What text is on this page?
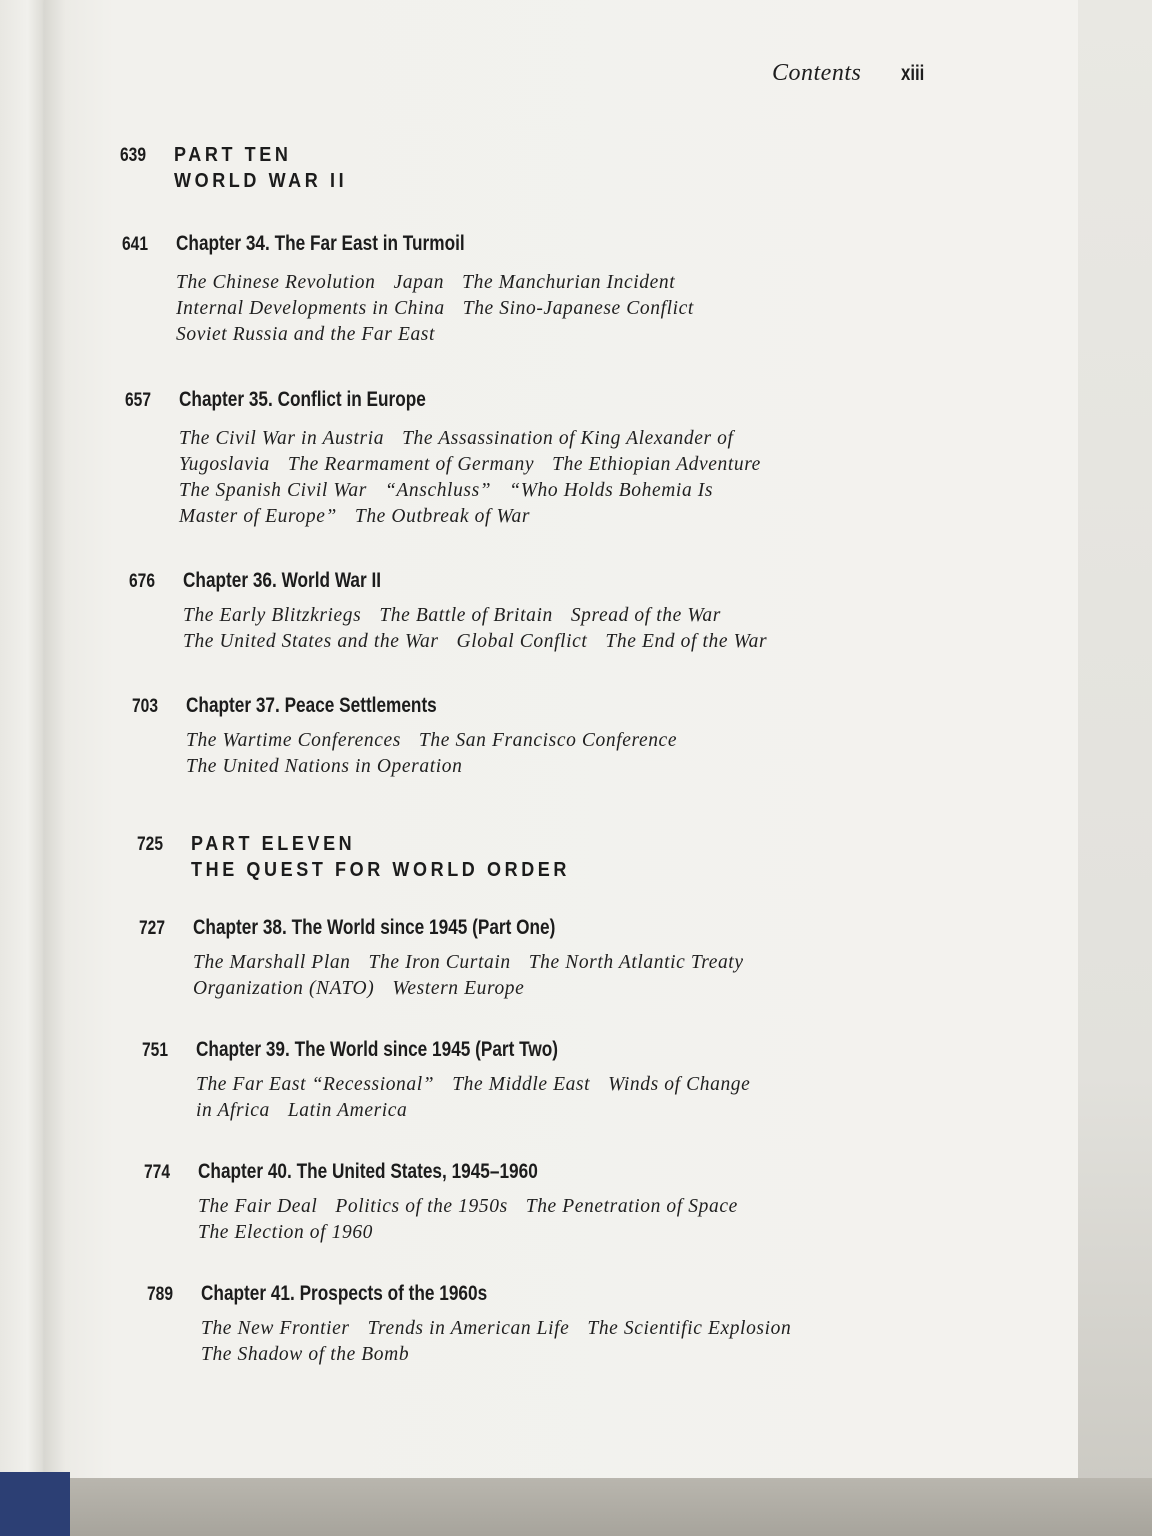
Contents xiii
639	PART TEN
WORLD WAR II
641	Chapter 34. The Far East in Turmoil
The Chinese Revolution Japan The Manchurian Incident
Internal Developments in China The Sino-Japanese Conflict
Soviet Russia and the Far East
657	Chapter 35. Conflict in Europe
The Civil War in Austria The Assassination of King Alexander of
Yugoslavia The Rearmament of Germany The Ethiopian Adventure
The Spanish Civil War “Anschluss” “Who Holds Bohemia Is
Master of Europe” The Outbreak of War
676	Chapter 36. World War II
The Early Blitzkriegs The Battle of Britain Spread of the War
The United States and the War Global Conflict The End of the War
703	Chapter 37. Peace Settlements
The Wartime Conferences The San Francisco Conference
The United Nations in Operation
725	PART ELEVEN
THE QUEST FOR WORLD ORDER
727	Chapter 38. The World since 1945 (Part One)
The Marshall Plan The Iron Curtain The North Atlantic Treaty
Organization (NATO) Western Europe
751	Chapter 39. The World since 1945 (Part Two)
The Far East “Recessional” The Middle East Winds of Change
in Africa Latin America
774	Chapter 40. The United States, 1945–1960
The Fair Deal Politics of the 1950s The Penetration of Space
The Election of 1960
789	Chapter 41. Prospects of the 1960s
The New Frontier Trends in American Life The Scientific Explosion
The Shadow of the Bomb
